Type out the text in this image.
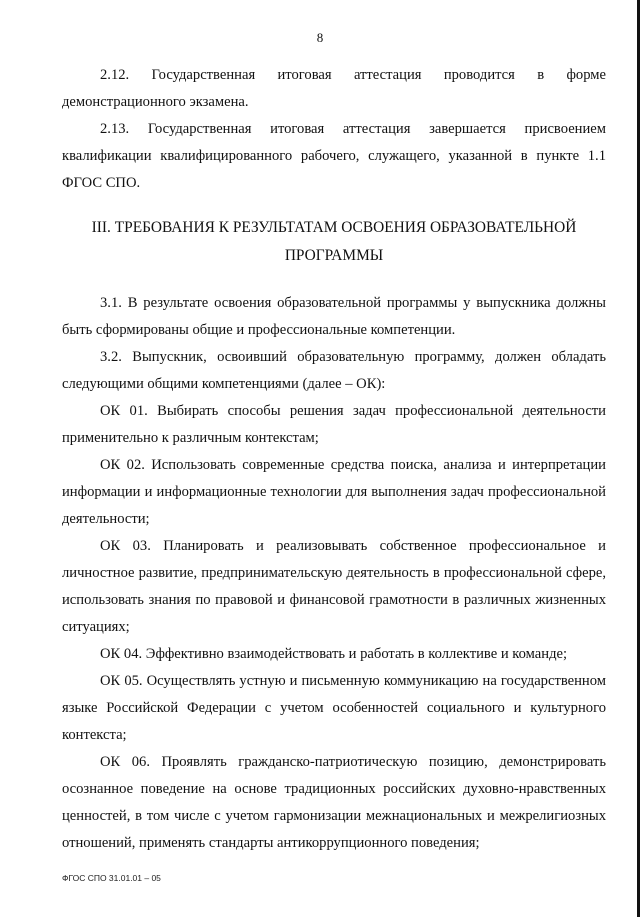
8

2.12. Государственная итоговая аттестация проводится в форме демонстрационного экзамена.

2.13. Государственная итоговая аттестация завершается присвоением квалификации квалифицированного рабочего, служащего, указанной в пункте 1.1 ФГОС СПО.

III. ТРЕБОВАНИЯ К РЕЗУЛЬТАТАМ ОСВОЕНИЯ ОБРАЗОВАТЕЛЬНОЙ ПРОГРАММЫ

3.1. В результате освоения образовательной программы у выпускника должны быть сформированы общие и профессиональные компетенции.

3.2. Выпускник, освоивший образовательную программу, должен обладать следующими общими компетенциями (далее – ОК):

ОК 01. Выбирать способы решения задач профессиональной деятельности применительно к различным контекстам;

ОК 02. Использовать современные средства поиска, анализа и интерпретации информации и информационные технологии для выполнения задач профессиональной деятельности;

ОК 03. Планировать и реализовывать собственное профессиональное и личностное развитие, предпринимательскую деятельность в профессиональной сфере, использовать знания по правовой и финансовой грамотности в различных жизненных ситуациях;

ОК 04. Эффективно взаимодействовать и работать в коллективе и команде;

ОК 05. Осуществлять устную и письменную коммуникацию на государственном языке Российской Федерации с учетом особенностей социального и культурного контекста;

ОК 06. Проявлять гражданско-патриотическую позицию, демонстрировать осознанное поведение на основе традиционных российских духовно-нравственных ценностей, в том числе с учетом гармонизации межнациональных и межрелигиозных отношений, применять стандарты антикоррупционного поведения;

ФГОС СПО 31.01.01 – 05
